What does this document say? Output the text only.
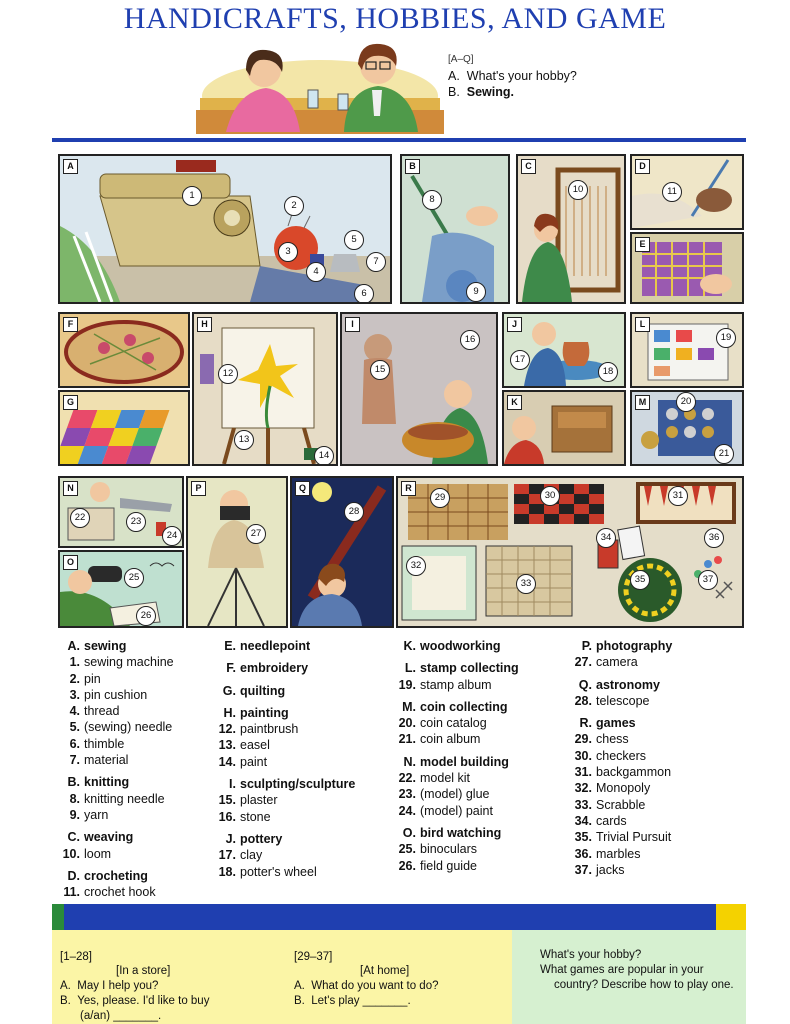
HANDICRAFTS, HOBBIES, AND GAME
[A–Q]
A. What's your hobby?
B. Sewing.
A
1
2
3
4
5
6
7
B
8
9
C
10
D
11
E
F
G
H
12
13
14
I
15
16
J
17
18
K
L
19
M	20
21
N
22	23
24
O
25
26
P
27
Q
28
R
29	30	31
32
33
34
35
36
37
A. sewing
1. sewing machine
2. pin
3. pin cushion
4. thread
5. (sewing) needle
6. thimble
7. material
B. knitting
8. knitting needle
9. yarn
C. weaving
10. loom
D. crocheting
11. crochet hook
E. needlepoint
F. embroidery
G. quilting
H. painting
12. paintbrush
13. easel
14. paint
I. sculpting/sculpture
15. plaster
16. stone
J. pottery
17. clay
18. potter's wheel
K. woodworking
L. stamp collecting
19. stamp album
M. coin collecting
20. coin catalog
21. coin album
N. model building
22. model kit
23. (model) glue
24. (model) paint
O. bird watching
25. binoculars
26. field guide
P. photography
27. camera
Q. astronomy
28. telescope
R. games
29. chess
30. checkers
31. backgammon
32. Monopoly
33. Scrabble
34. cards
35. Trivial Pursuit
36. marbles
37. jacks
[1–28]
[In a store]
A. May I help you?
B. Yes, please. I'd like to buy
(a/an) _______.
[29–37]
[At home]
A. What do you want to do?
B. Let's play _______.
What's your hobby?
What games are popular in your
country? Describe how to play one.
